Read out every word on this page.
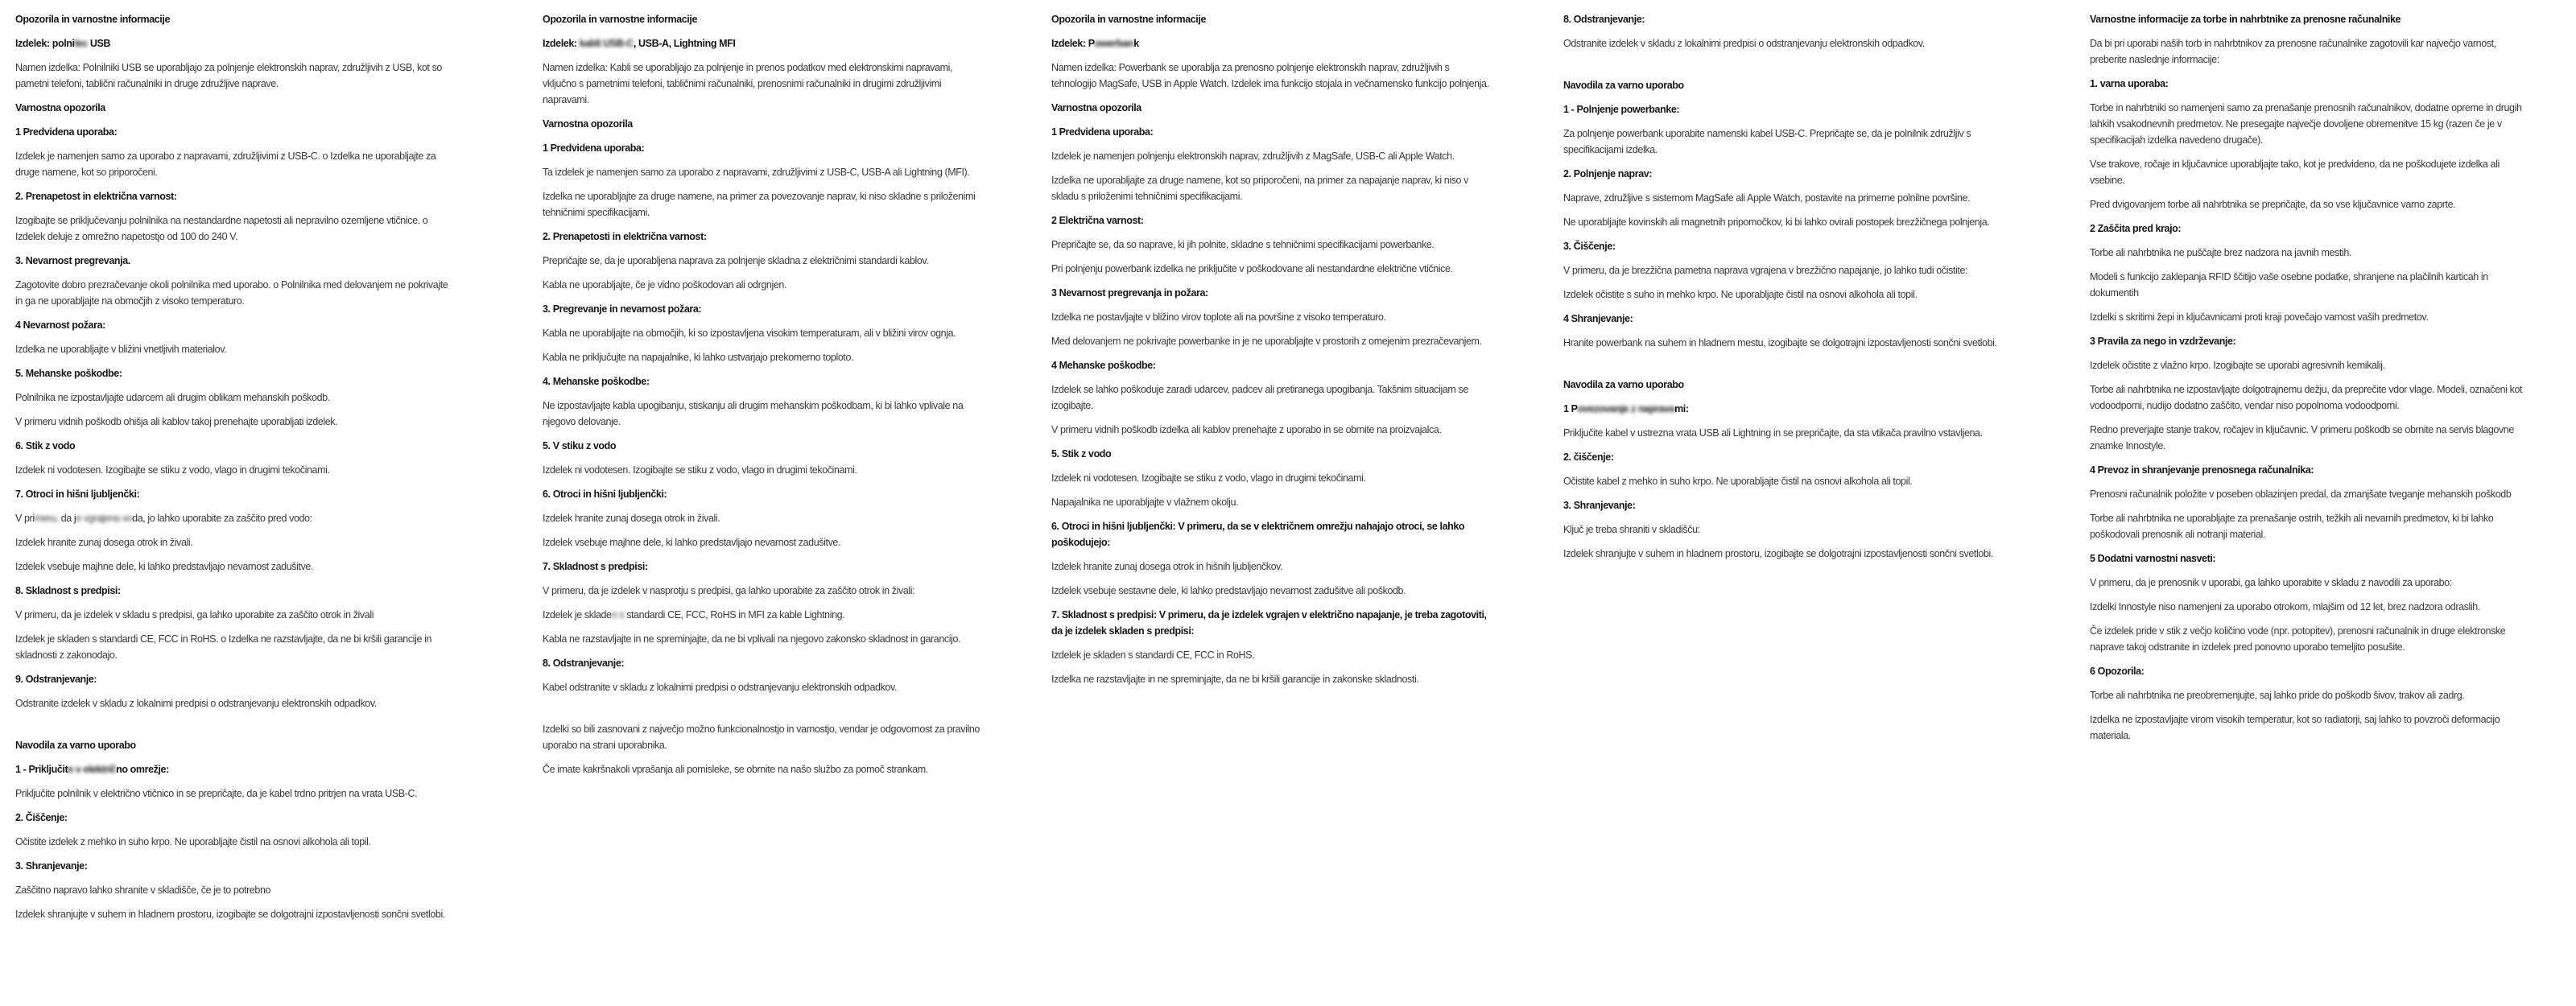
Opozorila in varnostne informacije
Izdelek: polnilec USB
Namen izdelka: Polnilniki USB se uporabljajo za polnjenje elektronskih naprav, združljivih z USB, kot so pametni telefoni, tablični računalniki in druge združljive naprave.
Varnostna opozorila
1 Predvidena uporaba:
Izdelek je namenjen samo za uporabo z napravami, združljivimi z USB-C. o Izdelka ne uporabljajte za druge namene, kot so priporočeni.
2. Prenapetost in električna varnost:
Izogibajte se priključevanju polnilnika na nestandardne napetosti ali nepravilno ozemljene vtičnice. o Izdelek deluje z omrežno napetostjo od 100 do 240 V.
3. Nevarnost pregrevanja.
Zagotovite dobro prezračevanje okoli polnilnika med uporabo. o Polnilnika med delovanjem ne pokrivajte in ga ne uporabljajte na območjih z visoko temperaturo.
4 Nevarnost požara:
Izdelka ne uporabljajte v bližini vnetljivih materialov.
5. Mehanske poškodbe:
Polnilnika ne izpostavljajte udarcem ali drugim oblikam mehanskih poškodb.
V primeru vidnih poškodb ohišja ali kablov takoj prenehajte uporabljati izdelek.
6. Stik z vodo
Izdelek ni vodotesen. Izogibajte se stiku z vodo, vlago in drugimi tekočinami.
7. Otroci in hišni ljubljenčki:
V primeru, da je vgrajena voda, jo lahko uporabite za zaščito pred vodo:
Izdelek hranite zunaj dosega otrok in živali.
Izdelek vsebuje majhne dele, ki lahko predstavljajo nevarnost zadušitve.
8. Skladnost s predpisi:
V primeru, da je izdelek v skladu s predpisi, ga lahko uporabite za zaščito otrok in živali
Izdelek je skladen s standardi CE, FCC in RoHS. o Izdelka ne razstavljajte, da ne bi kršili garancije in skladnosti z zakonodajo.
9. Odstranjevanje:
Odstranite izdelek v skladu z lokalnimi predpisi o odstranjevanju elektronskih odpadkov.
Navodila za varno uporabo
1 - Priključite v električno omrežje:
Priključite polnilnik v električno vtičnico in se prepričajte, da je kabel trdno pritrjen na vrata USB-C.
2. Čiščenje:
Očistite izdelek z mehko in suho krpo. Ne uporabljajte čistil na osnovi alkohola ali topil.
3. Shranjevanje:
Zaščitno napravo lahko shranite v skladišče, če je to potrebno
Izdelek shranjujte v suhem in hladnem prostoru, izogibajte se dolgotrajni izpostavljenosti sončni svetlobi.
Opozorila in varnostne informacije
Izdelek: kabli USB-C, USB-A, Lightning MFI
Namen izdelka: Kabli se uporabljajo za polnjenje in prenos podatkov med elektronskimi napravami, vključno s pametnimi telefoni, tabličnimi računalniki, prenosnimi računalniki in drugimi združljivimi napravami.
Varnostna opozorila
1 Predvidena uporaba:
Ta izdelek je namenjen samo za uporabo z napravami, združljivimi z USB-C, USB-A ali Lightning (MFI).
Izdelka ne uporabljajte za druge namene, na primer za povezovanje naprav, ki niso skladne s priloženimi tehničnimi specifikacijami.
2. Prenapetosti in električna varnost:
Prepričajte se, da je uporabljena naprava za polnjenje skladna z električnimi standardi kablov.
Kabla ne uporabljajte, če je vidno poškodovan ali odrgnjen.
3. Pregrevanje in nevarnost požara:
Kabla ne uporabljajte na območjih, ki so izpostavljena visokim temperaturam, ali v bližini virov ognja.
Kabla ne priključujte na napajalnike, ki lahko ustvarjajo prekomerno toploto.
4. Mehanske poškodbe:
Ne izpostavljajte kabla upogibanju, stiskanju ali drugim mehanskim poškodbam, ki bi lahko vplivale na njegovo delovanje.
5. V stiku z vodo
Izdelek ni vodotesen. Izogibajte se stiku z vodo, vlago in drugimi tekočinami.
6. Otroci in hišni ljubljenčki:
Izdelek hranite zunaj dosega otrok in živali.
Izdelek vsebuje majhne dele, ki lahko predstavljajo nevarnost zadušitve.
7. Skladnost s predpisi:
V primeru, da je izdelek v nasprotju s predpisi, ga lahko uporabite za zaščito otrok in živali:
Izdelek je skladen s standardi CE, FCC, RoHS in MFI za kable Lightning.
Kabla ne razstavljajte in ne spreminjajte, da ne bi vplivali na njegovo zakonsko skladnost in garancijo.
8. Odstranjevanje:
Kabel odstranite v skladu z lokalnimi predpisi o odstranjevanju elektronskih odpadkov.
Izdelki so bili zasnovani z največjo možno funkcionalnostjo in varnostjo, vendar je odgovornost za pravilno uporabo na strani uporabnika.
Če imate kakršnakoli vprašanja ali pomisleke, se obrnite na našo službo za pomoč strankam.
Opozorila in varnostne informacije
Izdelek: Powerbank
Namen izdelka: Powerbank se uporablja za prenosno polnjenje elektronskih naprav, združljivih s tehnologijo MagSafe, USB in Apple Watch. Izdelek ima funkcijo stojala in večnamensko funkcijo polnjenja.
Varnostna opozorila
1 Predvidena uporaba:
Izdelek je namenjen polnjenju elektronskih naprav, združljivih z MagSafe, USB-C ali Apple Watch.
Izdelka ne uporabljajte za druge namene, kot so priporočeni, na primer za napajanje naprav, ki niso v skladu s priloženimi tehničnimi specifikacijami.
2 Električna varnost:
Prepričajte se, da so naprave, ki jih polnite, skladne s tehničnimi specifikacijami powerbanke.
Pri polnjenju powerbank izdelka ne priključite v poškodovane ali nestandardne električne vtičnice.
3 Nevarnost pregrevanja in požara:
Izdelka ne postavljajte v bližino virov toplote ali na površine z visoko temperaturo.
Med delovanjem ne pokrivajte powerbanke in je ne uporabljajte v prostorih z omejenim prezračevanjem.
4 Mehanske poškodbe:
Izdelek se lahko poškoduje zaradi udarcev, padcev ali pretiranega upogibanja. Takšnim situacijam se izogibajte.
V primeru vidnih poškodb izdelka ali kablov prenehajte z uporabo in se obrnite na proizvajalca.
5. Stik z vodo
Izdelek ni vodotesen. Izogibajte se stiku z vodo, vlago in drugimi tekočinami.
Napajalnika ne uporabljajte v vlažnem okolju.
6. Otroci in hišni ljubljenčki: V primeru, da se v električnem omrežju nahajajo otroci, se lahko poškodujejo:
Izdelek hranite zunaj dosega otrok in hišnih ljubljenčkov.
Izdelek vsebuje sestavne dele, ki lahko predstavljajo nevarnost zadušitve ali poškodb.
7. Skladnost s predpisi: V primeru, da je izdelek vgrajen v električno napajanje, je treba zagotoviti, da je izdelek skladen s predpisi:
Izdelek je skladen s standardi CE, FCC in RoHS.
Izdelka ne razstavljajte in ne spreminjajte, da ne bi kršili garancije in zakonske skladnosti.
8. Odstranjevanje:
Odstranite izdelek v skladu z lokalnimi predpisi o odstranjevanju elektronskih odpadkov.
Navodila za varno uporabo
1 - Polnjenje powerbanke:
Za polnjenje powerbank uporabite namenski kabel USB-C. Prepričajte se, da je polnilnik združljiv s specifikacijami izdelka.
2. Polnjenje naprav:
Naprave, združljive s sistemom MagSafe ali Apple Watch, postavite na primerne polnilne površine.
Ne uporabljajte kovinskih ali magnetnih pripomočkov, ki bi lahko ovirali postopek brezžičnega polnjenja.
3. Čiščenje:
V primeru, da je brezžična pametna naprava vgrajena v brezžično napajanje, jo lahko tudi očistite:
Izdelek očistite s suho in mehko krpo. Ne uporabljajte čistil na osnovi alkohola ali topil.
4 Shranjevanje:
Hranite powerbank na suhem in hladnem mestu, izogibajte se dolgotrajni izpostavljenosti sončni svetlobi.
Navodila za varno uporabo
1 Povezovanje z napravami:
Priključite kabel v ustrezna vrata USB ali Lightning in se prepričajte, da sta vtikača pravilno vstavljena.
2. čiščenje:
Očistite kabel z mehko in suho krpo. Ne uporabljajte čistil na osnovi alkohola ali topil.
3. Shranjevanje:
Ključ je treba shraniti v skladišču:
Izdelek shranjujte v suhem in hladnem prostoru, izogibajte se dolgotrajni izpostavljenosti sončni svetlobi.
Varnostne informacije za torbe in nahrbtnike za prenosne računalnike
Da bi pri uporabi naših torb in nahrbtnikov za prenosne računalnike zagotovili kar največjo varnost, preberite naslednje informacije:
1. varna uporaba:
Torbe in nahrbtniki so namenjeni samo za prenašanje prenosnih računalnikov, dodatne opreme in drugih lahkih vsakodnevnih predmetov. Ne presegajte največje dovoljene obremenitve 15 kg (razen če je v specifikacijah izdelka navedeno drugače).
Vse trakove, ročaje in ključavnice uporabljajte tako, kot je predvideno, da ne poškodujete izdelka ali vsebine.
Pred dvigovanjem torbe ali nahrbtnika se prepričajte, da so vse ključavnice varno zaprte.
2 Zaščita pred krajo:
Torbe ali nahrbtnika ne puščajte brez nadzora na javnih mestih.
Modeli s funkcijo zaklepanja RFID ščitijo vaše osebne podatke, shranjene na plačilnih karticah in dokumentih
Izdelki s skritimi žepi in ključavnicami proti kraji povečajo varnost vaših predmetov.
3 Pravila za nego in vzdrževanje:
Izdelek očistite z vlažno krpo. Izogibajte se uporabi agresivnih kemikalij.
Torbe ali nahrbtnika ne izpostavljajte dolgotrajnemu dežju, da preprečite vdor vlage. Modeli, označeni kot vodoodporni, nudijo dodatno zaščito, vendar niso popolnoma vodoodporni.
Redno preverjajte stanje trakov, ročajev in ključavnic. V primeru poškodb se obrnite na servis blagovne znamke Innostyle.
4 Prevoz in shranjevanje prenosnega računalnika:
Prenosni računalnik položite v poseben oblazinjen predal, da zmanjšate tveganje mehanskih poškodb
Torbe ali nahrbtnika ne uporabljajte za prenašanje ostrih, težkih ali nevarnih predmetov, ki bi lahko poškodovali prenosnik ali notranji material.
5 Dodatni varnostni nasveti:
V primeru, da je prenosnik v uporabi, ga lahko uporabite v skladu z navodili za uporabo:
Izdelki Innostyle niso namenjeni za uporabo otrokom, mlajšim od 12 let, brez nadzora odraslih.
Če izdelek pride v stik z večjo količino vode (npr. potopitev), prenosni računalnik in druge elektronske naprave takoj odstranite in izdelek pred ponovno uporabo temeljito posušite.
6 Opozorila:
Torbe ali nahrbtnika ne preobremenjujte, saj lahko pride do poškodb šivov, trakov ali zadrg.
Izdelka ne izpostavljajte virom visokih temperatur, kot so radiatorji, saj lahko to povzroči deformacijo materiala.
